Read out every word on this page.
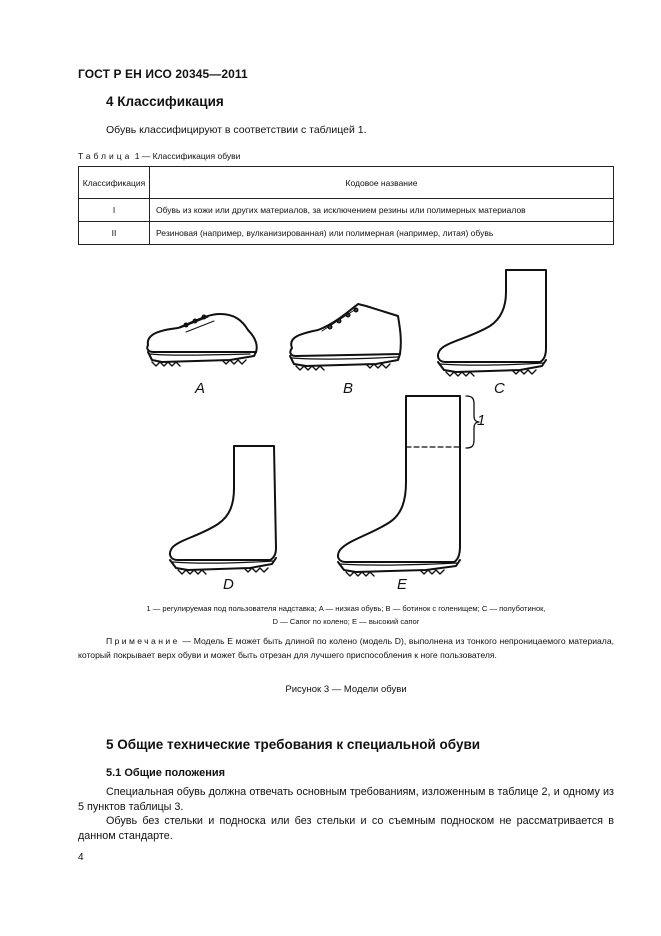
ГОСТ Р ЕН ИСО 20345—2011
4 Классификация
Обувь классифицируют в соответствии с таблицей 1.
Таблица 1 — Классификация обуви
Классификация	Кодовое название
I	Обувь из кожи или других материалов, за исключением резины или полимерных материалов
II	Резиновая (например, вулканизированная) или полимерная (например, литая) обувь
A	B	C
D	E
1
1 — регулируемая под пользователя надставка; A — низкая обувь; B — ботинок с голенищем; C — полуботинок,
D — Сапог по колено; E — высокий сапог
Примечание — Модель E может быть длиной по колено (модель D), выполнена из тонкого непроницаемого материала, который покрывает верх обуви и может быть отрезан для лучшего приспособления к ноге пользователя.
Рисунок 3 — Модели обуви
5 Общие технические требования к специальной обуви
5.1 Общие положения
Специальная обувь должна отвечать основным требованиям, изложенным в таблице 2, и одному из 5 пунктов таблицы 3.
Обувь без стельки и подноска или без стельки и со съемным подноском не рассматривается в данном стандарте.
4
